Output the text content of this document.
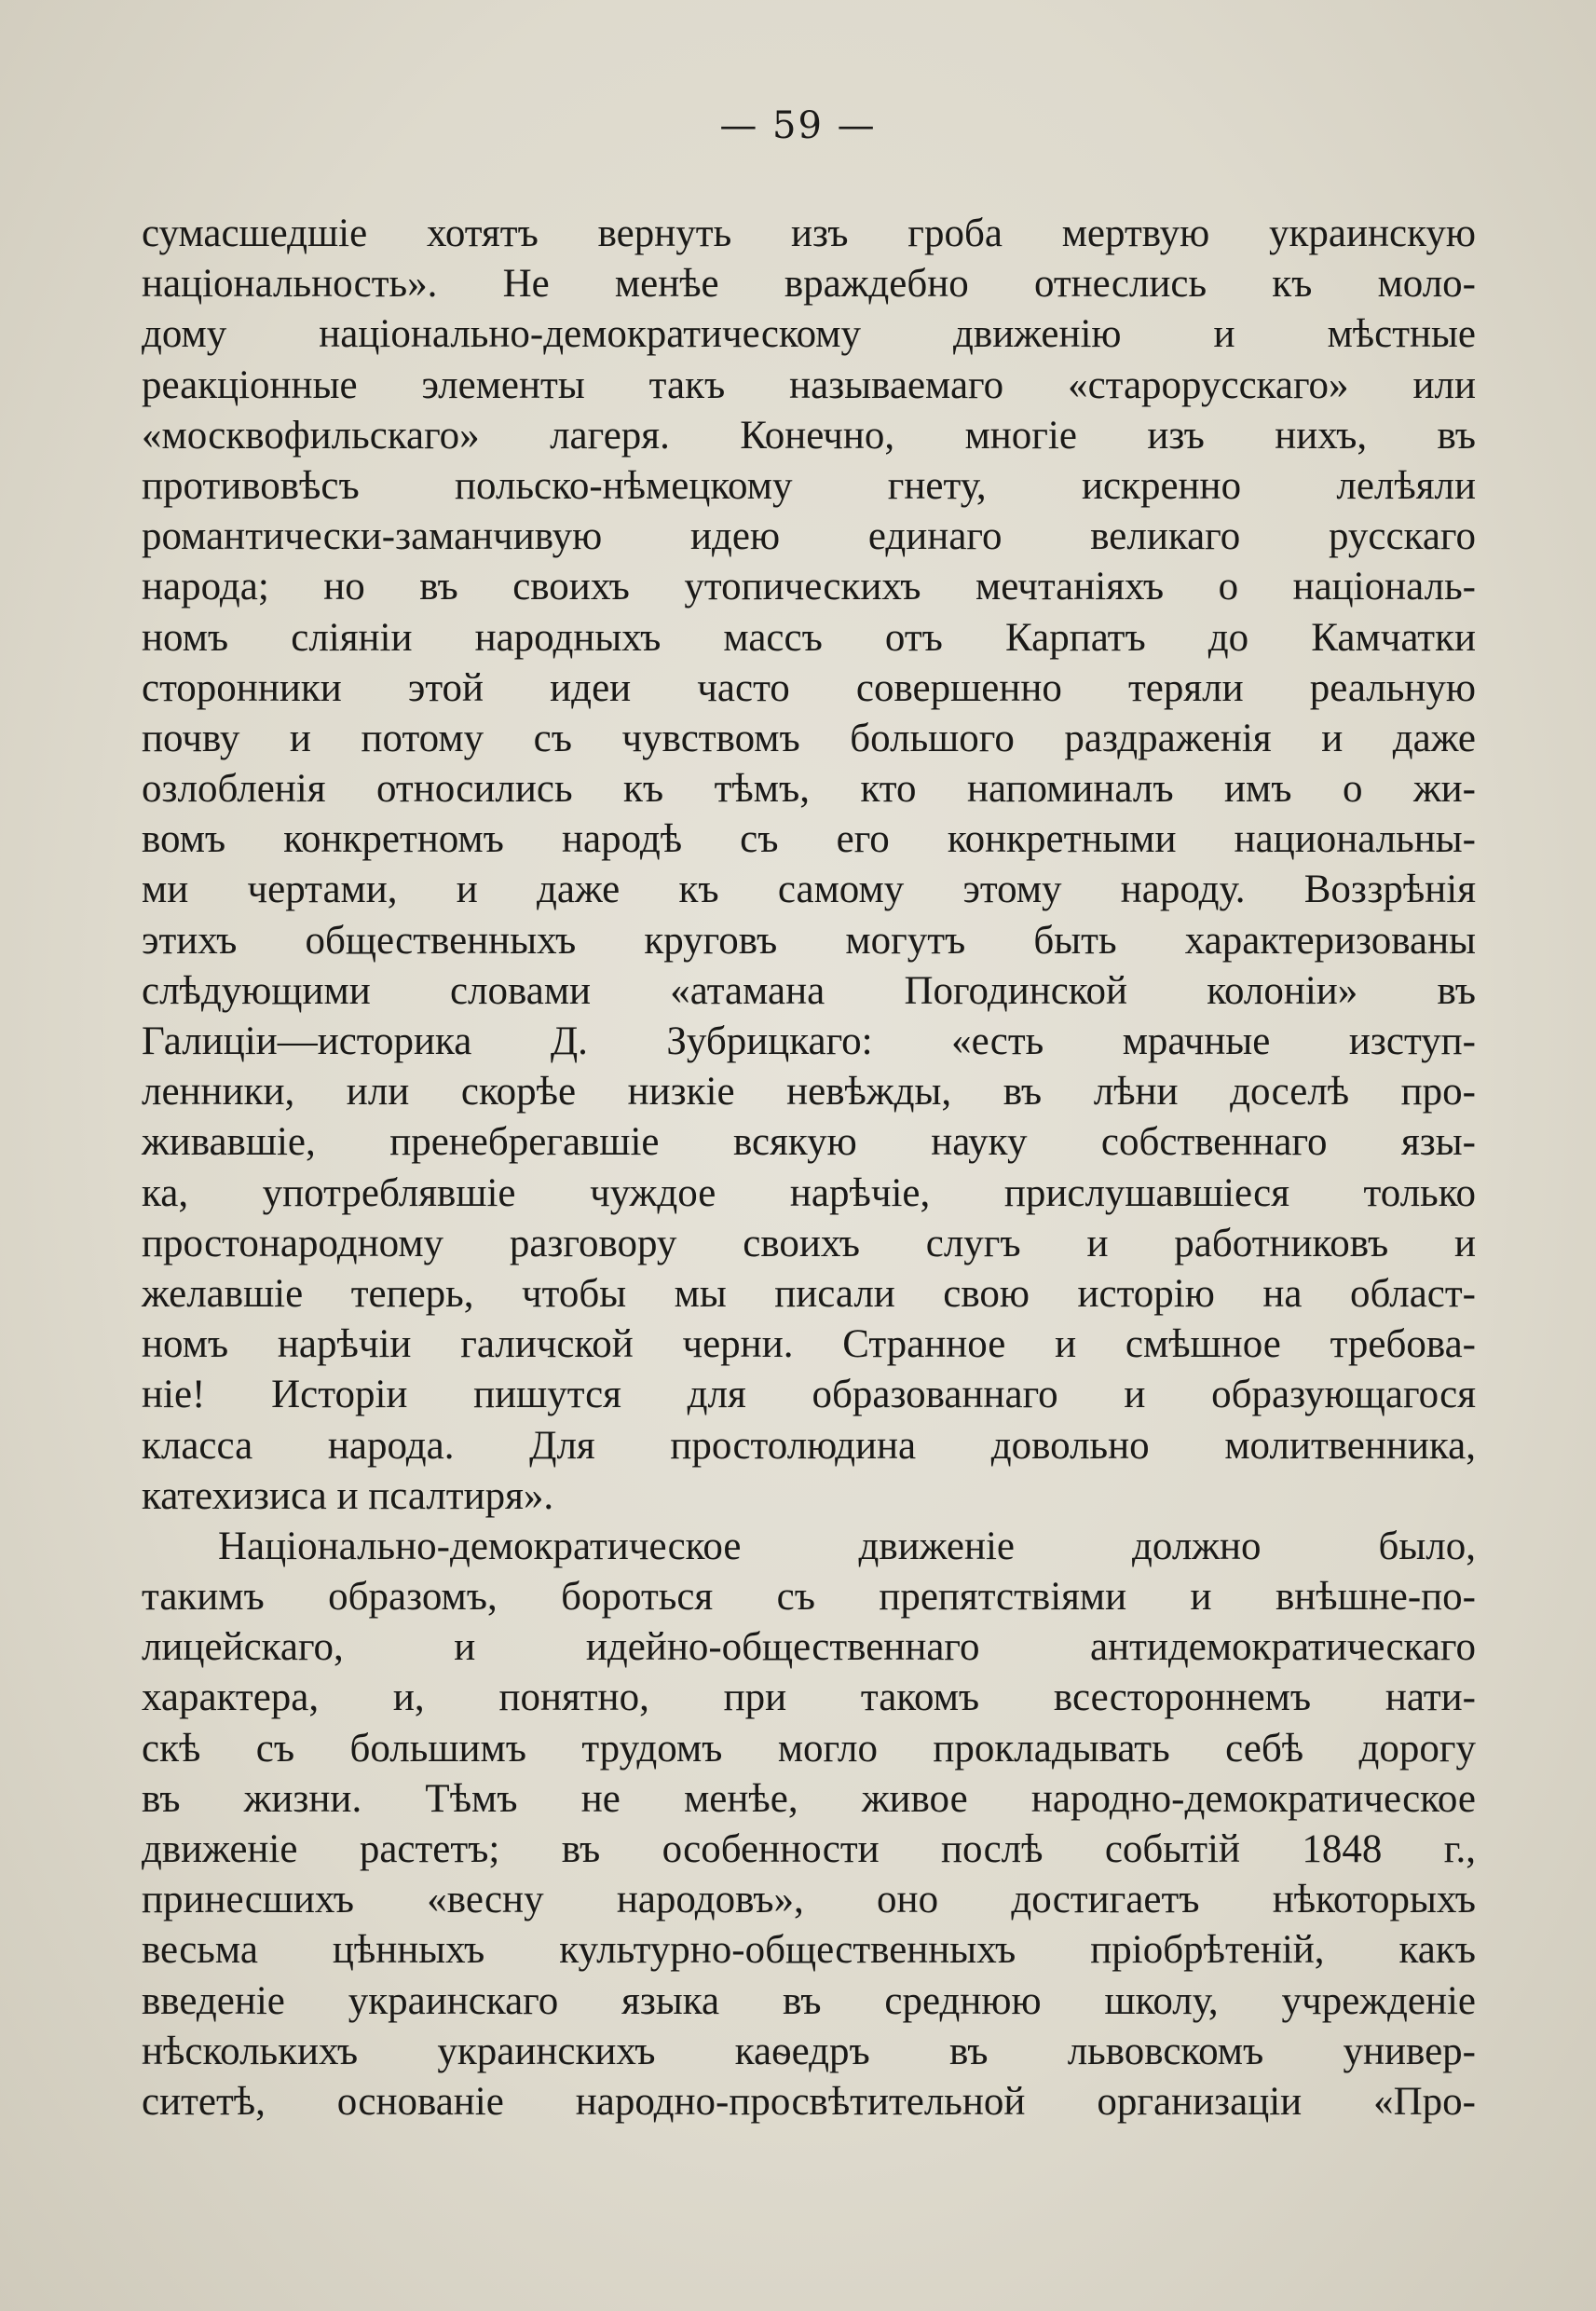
— 59 —
сумасшедшіе хотятъ вернуть изъ гроба мертвую украинскую
національность». Не менѣе враждебно отнеслись къ моло-
дому національно-демократическому движенію и мѣстные
реакціонные элементы такъ называемаго «старорусскаго» или
«москвофильскаго» лагеря. Конечно, многіе изъ нихъ, въ
противовѣсъ польско-нѣмецкому гнету, искренно лелѣяли
романтически-заманчивую идею единаго великаго русскаго
народа; но въ своихъ утопическихъ мечтаніяхъ о національ-
номъ сліяніи народныхъ массъ отъ Карпатъ до Камчатки
сторонники этой идеи часто совершенно теряли реальную
почву и потому съ чувствомъ большого раздраженія и даже
озлобленія относились къ тѣмъ, кто напоминалъ имъ о жи-
вомъ конкретномъ народѣ съ его конкретными национальны-
ми чертами, и даже къ самому этому народу. Воззрѣнія
этихъ общественныхъ круговъ могутъ быть характеризованы
слѣдующими словами «атамана Погодинской колоніи» въ
Галиціи—историка Д. Зубрицкаго: «есть мрачные изступ-
ленники, или скорѣе низкіе невѣжды, въ лѣни доселѣ про-
живавшіе, пренебрегавшіе всякую науку собственнаго язы-
ка, употреблявшіе чуждое нарѣчіе, прислушавшіеся только
простонародному разговору своихъ слугъ и работниковъ и
желавшіе теперь, чтобы мы писали свою исторію на област-
номъ нарѣчіи галичской черни. Странное и смѣшное требова-
ніе! Исторіи пишутся для образованнаго и образующагося
класса народа. Для простолюдина довольно молитвенника,
катехизиса и псалтиря».
Національно-демократическое движеніе должно было,
такимъ образомъ, бороться съ препятствіями и внѣшне-по-
лицейскаго, и идейно-общественнаго антидемократическаго
характера, и, понятно, при такомъ всестороннемъ нати-
скѣ съ большимъ трудомъ могло прокладывать себѣ дорогу
въ жизни. Тѣмъ не менѣе, живое народно-демократическое
движеніе растетъ; въ особенности послѣ событій 1848 г.,
принесшихъ «весну народовъ», оно достигаетъ нѣкоторыхъ
весьма цѣнныхъ культурно-общественныхъ пріобрѣтеній, какъ
введеніе украинскаго языка въ среднюю школу, учрежденіе
нѣсколькихъ украинскихъ каѳедръ въ львовскомъ универ-
ситетѣ, основаніе народно-просвѣтительной организаціи «Про-
